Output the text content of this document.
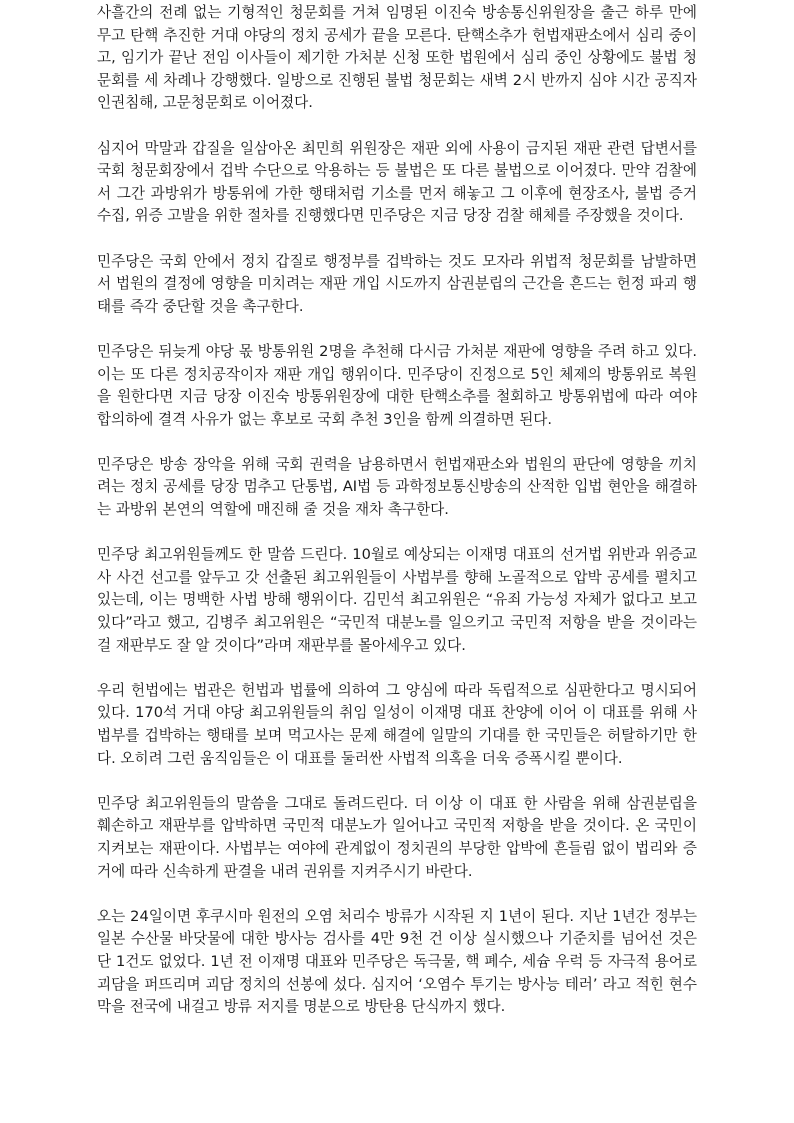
사흘간의 전례 없는 기형적인 청문회를 거쳐 임명된 이진숙 방송통신위원장을 출근 하루 만에 무고 탄핵 추진한 거대 야당의 정치 공세가 끝을 모른다. 탄핵소추가 헌법재판소에서 심리 중이고, 임기가 끝난 전임 이사들이 제기한 가처분 신청 또한 법원에서 심리 중인 상황에도 불법 청문회를 세 차례나 강행했다. 일방으로 진행된 불법 청문회는 새벽 2시 반까지 심야 시간 공직자 인권침해, 고문청문회로 이어졌다.

심지어 막말과 갑질을 일삼아온 최민희 위원장은 재판 외에 사용이 금지된 재판 관련 답변서를 국회 청문회장에서 겁박 수단으로 악용하는 등 불법은 또 다른 불법으로 이어졌다. 만약 검찰에서 그간 과방위가 방통위에 가한 행태처럼 기소를 먼저 해놓고 그 이후에 현장조사, 불법 증거수집, 위증 고발을 위한 절차를 진행했다면 민주당은 지금 당장 검찰 해체를 주장했을 것이다.

민주당은 국회 안에서 정치 갑질로 행정부를 겁박하는 것도 모자라 위법적 청문회를 남발하면서 법원의 결정에 영향을 미치려는 재판 개입 시도까지 삼권분립의 근간을 흔드는 헌정 파괴 행태를 즉각 중단할 것을 촉구한다.

민주당은 뒤늦게 야당 몫 방통위원 2명을 추천해 다시금 가처분 재판에 영향을 주려 하고 있다. 이는 또 다른 정치공작이자 재판 개입 행위이다. 민주당이 진정으로 5인 체제의 방통위로 복원을 원한다면 지금 당장 이진숙 방통위원장에 대한 탄핵소추를 철회하고 방통위법에 따라 여야 합의하에 결격 사유가 없는 후보로 국회 추천 3인을 함께 의결하면 된다.

민주당은 방송 장악을 위해 국회 권력을 남용하면서 헌법재판소와 법원의 판단에 영향을 끼치려는 정치 공세를 당장 멈추고 단통법, AI법 등 과학정보통신방송의 산적한 입법 현안을 해결하는 과방위 본연의 역할에 매진해 줄 것을 재차 촉구한다.

민주당 최고위원들께도 한 말씀 드린다. 10월로 예상되는 이재명 대표의 선거법 위반과 위증교사 사건 선고를 앞두고 갓 선출된 최고위원들이 사법부를 향해 노골적으로 압박 공세를 펼치고 있는데, 이는 명백한 사법 방해 행위이다. 김민석 최고위원은 “유죄 가능성 자체가 없다고 보고 있다”라고 했고, 김병주 최고위원은 “국민적 대분노를 일으키고 국민적 저항을 받을 것이라는 걸 재판부도 잘 알 것이다”라며 재판부를 몰아세우고 있다.

우리 헌법에는 법관은 헌법과 법률에 의하여 그 양심에 따라 독립적으로 심판한다고 명시되어 있다. 170석 거대 야당 최고위원들의 취임 일성이 이재명 대표 찬양에 이어 이 대표를 위해 사법부를 겁박하는 행태를 보며 먹고사는 문제 해결에 일말의 기대를 한 국민들은 허탈하기만 한다. 오히려 그런 움직임들은 이 대표를 둘러싼 사법적 의혹을 더욱 증폭시킬 뿐이다.

민주당 최고위원들의 말씀을 그대로 돌려드린다. 더 이상 이 대표 한 사람을 위해 삼권분립을 훼손하고 재판부를 압박하면 국민적 대분노가 일어나고 국민적 저항을 받을 것이다. 온 국민이 지켜보는 재판이다. 사법부는 여야에 관계없이 정치권의 부당한 압박에 흔들림 없이 법리와 증거에 따라 신속하게 판결을 내려 권위를 지켜주시기 바란다.

오는 24일이면 후쿠시마 원전의 오염 처리수 방류가 시작된 지 1년이 된다. 지난 1년간 정부는 일본 수산물 바닷물에 대한 방사능 검사를 4만 9천 건 이상 실시했으나 기준치를 넘어선 것은 단 1건도 없었다. 1년 전 이재명 대표와 민주당은 독극물, 핵 폐수, 세슘 우럭 등 자극적 용어로 괴담을 퍼뜨리며 괴담 정치의 선봉에 섰다. 심지어 ‘오염수 투기는 방사능 테러’ 라고 적힌 현수막을 전국에 내걸고 방류 저지를 명분으로 방탄용 단식까지 했다.
